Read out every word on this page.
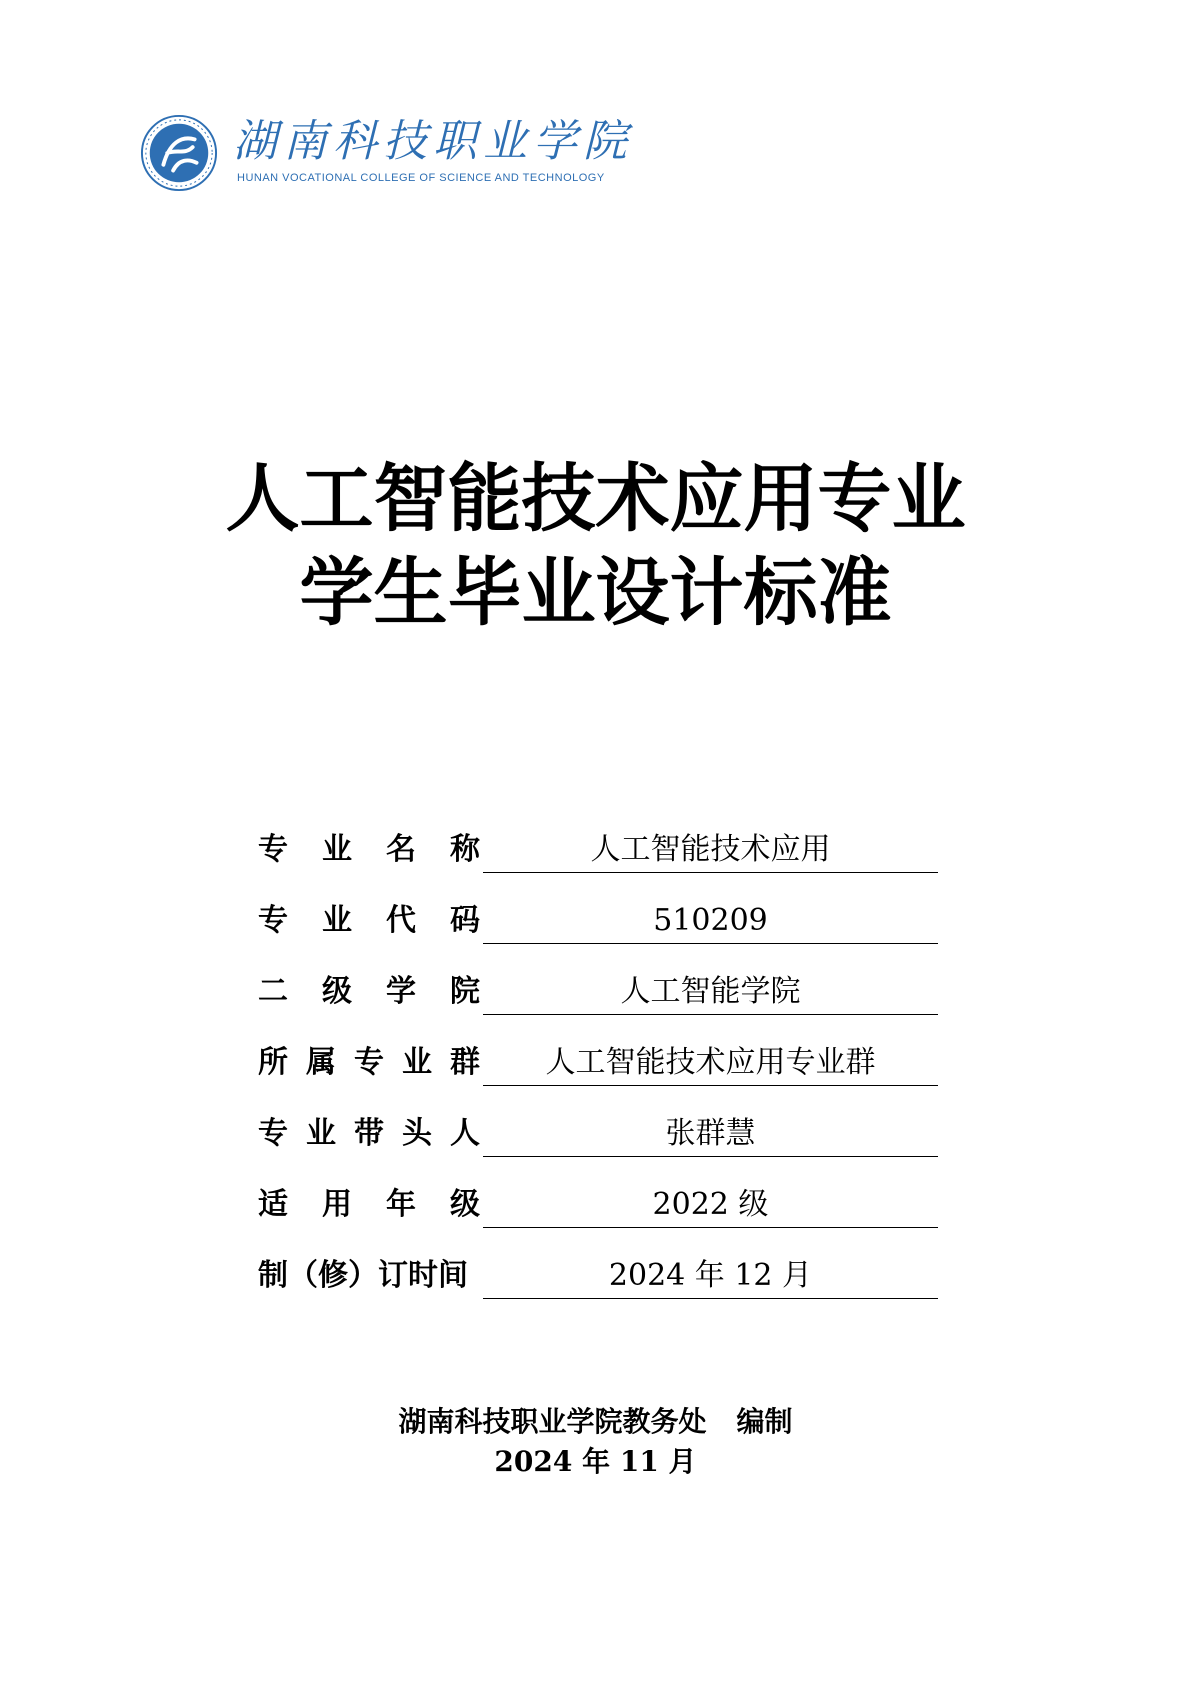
湖南科技职业学院
HUNAN VOCATIONAL COLLEGE OF SCIENCE AND TECHNOLOGY
人工智能技术应用专业
学生毕业设计标准
专 业 名 称	人工智能技术应用
专 业 代 码	510209
二 级 学 院	人工智能学院
所 属 专 业 群	人工智能技术应用专业群
专 业 带 头 人	张群慧
适 用 年 级	2022 级
制（修）订时间	2024 年 12 月
湖南科技职业学院教务处 编制
2024 年 11 月
